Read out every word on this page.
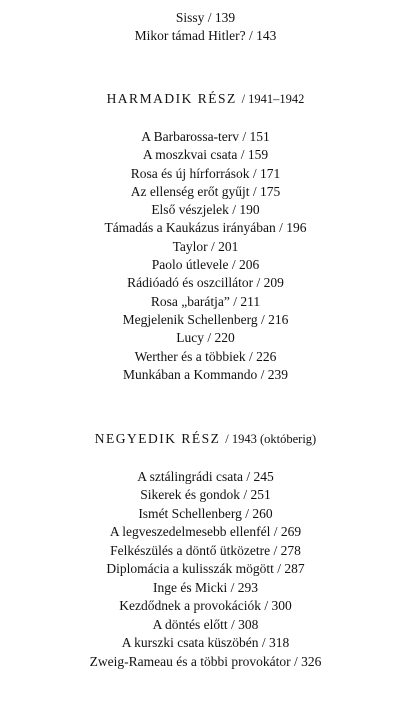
Sissy / 139
Mikor támad Hitler? / 143
HARMADIK RÉSZ / 1941–1942
A Barbarossa-terv / 151
A moszkvai csata / 159
Rosa és új hírforrások / 171
Az ellenség erőt gyűjt / 175
Első vészjelek / 190
Támadás a Kaukázus irányában / 196
Taylor / 201
Paolo útlevele / 206
Rádióadó és oszcillátor / 209
Rosa „barátja” / 211
Megjelenik Schellenberg / 216
Lucy / 220
Werther és a többiek / 226
Munkában a Kommando / 239
NEGYEDIK RÉSZ / 1943 (októberig)
A sztálingrádi csata / 245
Sikerek és gondok / 251
Ismét Schellenberg / 260
A legveszedelmesebb ellenfél / 269
Felkészülés a döntő ütközetre / 278
Diplomácia a kulisszák mögött / 287
Inge és Micki / 293
Kezdődnek a provokációk / 300
A döntés előtt / 308
A kurszki csata küszöbén / 318
Zweig-Rameau és a többi provokátor / 326
